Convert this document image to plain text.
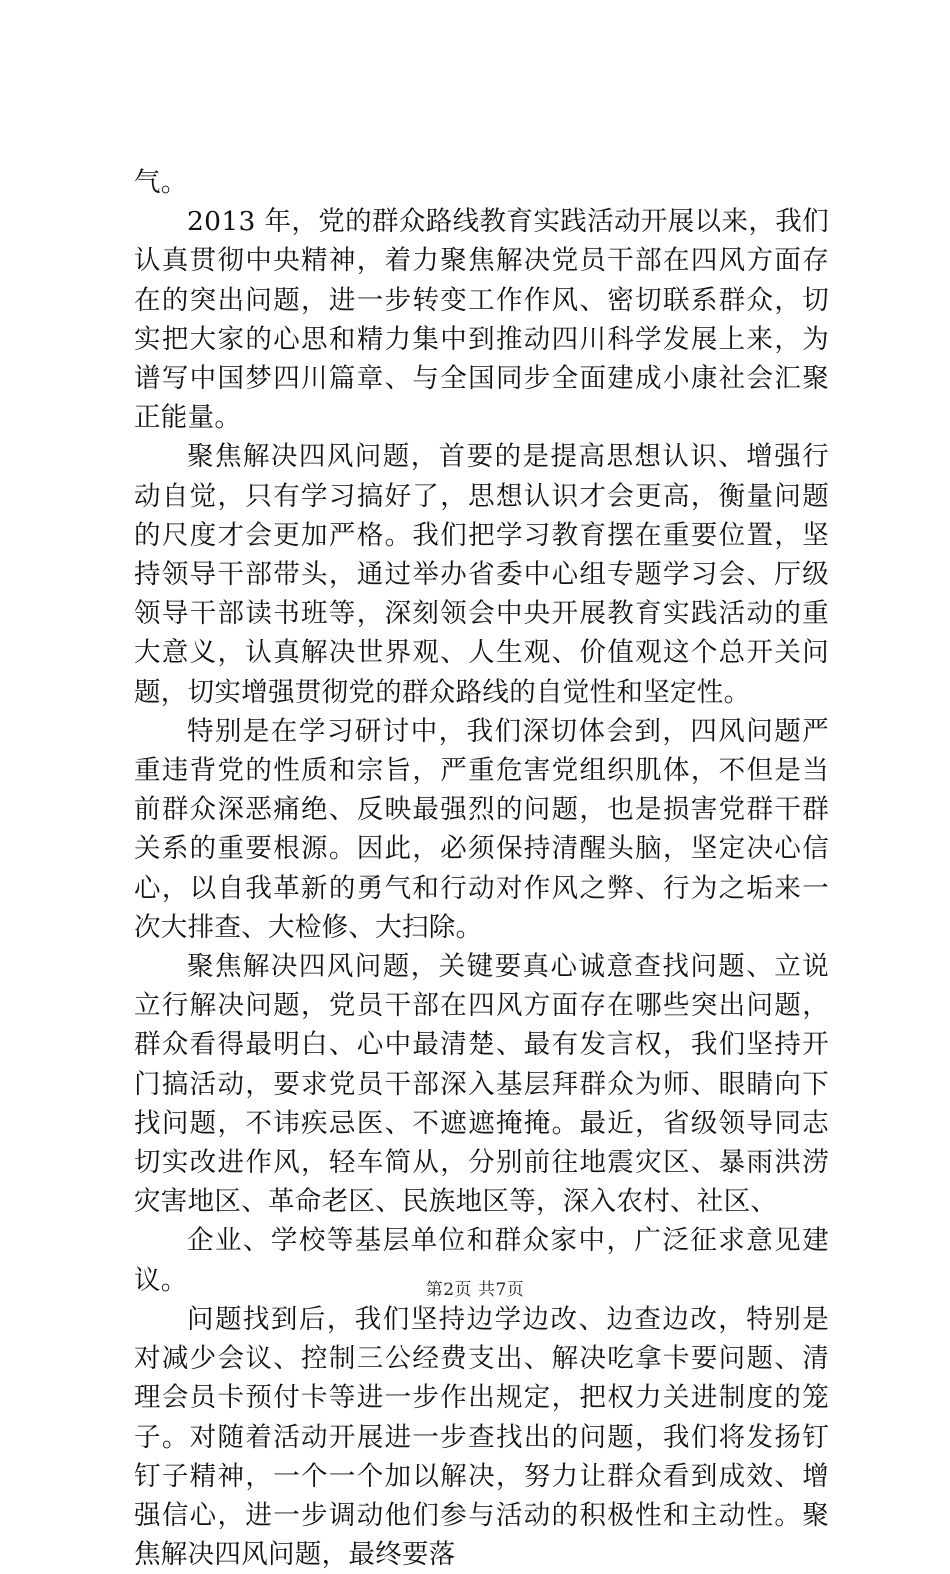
气。

2013 年，党的群众路线教育实践活动开展以来，我们认真贯彻中央精神，着力聚焦解决党员干部在四风方面存在的突出问题，进一步转变工作作风、密切联系群众，切实把大家的心思和精力集中到推动四川科学发展上来，为谱写中国梦四川篇章、与全国同步全面建成小康社会汇聚正能量。

聚焦解决四风问题，首要的是提高思想认识、增强行动自觉，只有学习搞好了，思想认识才会更高，衡量问题的尺度才会更加严格。我们把学习教育摆在重要位置，坚持领导干部带头，通过举办省委中心组专题学习会、厅级领导干部读书班等，深刻领会中央开展教育实践活动的重大意义，认真解决世界观、人生观、价值观这个总开关问题，切实增强贯彻党的群众路线的自觉性和坚定性。

特别是在学习研讨中，我们深切体会到，四风问题严重违背党的性质和宗旨，严重危害党组织肌体，不但是当前群众深恶痛绝、反映最强烈的问题，也是损害党群干群关系的重要根源。因此，必须保持清醒头脑，坚定决心信心，以自我革新的勇气和行动对作风之弊、行为之垢来一次大排查、大检修、大扫除。

聚焦解决四风问题，关键要真心诚意查找问题、立说立行解决问题，党员干部在四风方面存在哪些突出问题，群众看得最明白、心中最清楚、最有发言权，我们坚持开门搞活动，要求党员干部深入基层拜群众为师、眼睛向下找问题，不讳疾忌医、不遮遮掩掩。最近，省级领导同志切实改进作风，轻车简从，分别前往地震灾区、暴雨洪涝灾害地区、革命老区、民族地区等，深入农村、社区、

企业、学校等基层单位和群众家中，广泛征求意见建议。

问题找到后，我们坚持边学边改、边查边改，特别是对减少会议、控制三公经费支出、解决吃拿卡要问题、清理会员卡预付卡等进一步作出规定，把权力关进制度的笼子。对随着活动开展进一步查找出的问题，我们将发扬钉钉子精神，一个一个加以解决，努力让群众看到成效、增强信心，进一步调动他们参与活动的积极性和主动性。聚焦解决四风问题，最终要落

第2页 共7页
